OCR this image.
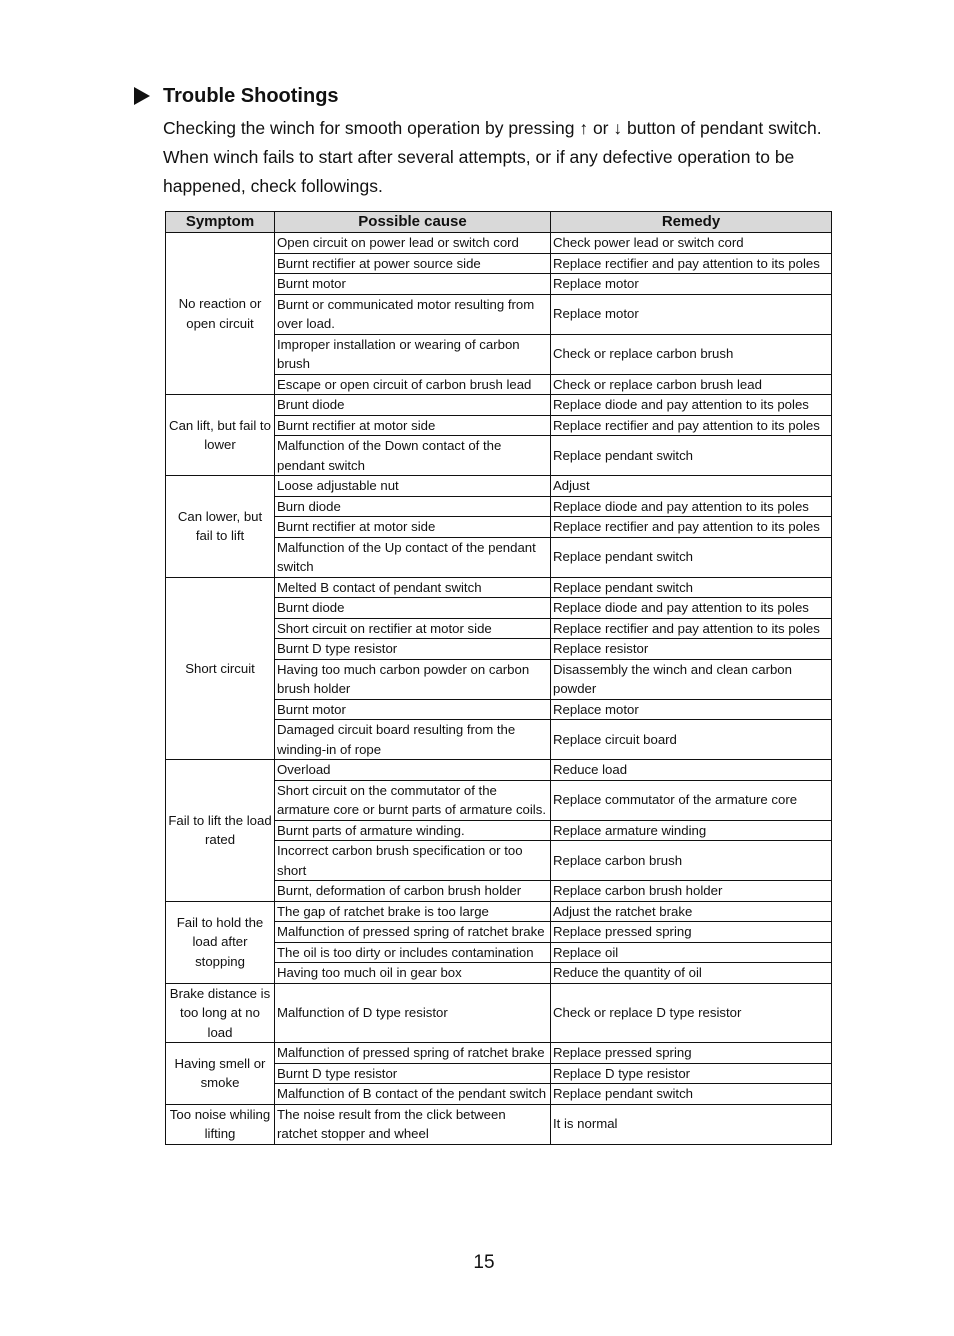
Trouble Shootings

Checking the winch for smooth operation by pressing ↑ or ↓ button of pendant switch.

When winch fails to start after several attempts, or if any defective operation to be happened, check followings.

Symptom	Possible cause	Remedy
No reaction or open circuit	Open circuit on power lead or switch cord	Check power lead or switch cord
	Burnt rectifier at power source side	Replace rectifier and pay attention to its poles
	Burnt motor	Replace motor
	Burnt or communicated motor resulting from over load.	Replace motor
	Improper installation or wearing of carbon brush	Check or replace carbon brush
	Escape or open circuit of carbon brush lead	Check or replace carbon brush lead
Can lift, but fail to lower	Brunt diode	Replace diode and pay attention to its poles
	Burnt rectifier at motor side	Replace rectifier and pay attention to its poles
	Malfunction of the Down contact of the pendant switch	Replace pendant switch
Can lower, but fail to lift	Loose adjustable nut	Adjust
	Burn diode	Replace diode and pay attention to its poles
	Burnt rectifier at motor side	Replace rectifier and pay attention to its poles
	Malfunction of the Up contact of the pendant switch	Replace pendant switch
Short circuit	Melted B contact of pendant switch	Replace pendant switch
	Burnt diode	Replace diode and pay attention to its poles
	Short circuit on rectifier at motor side	Replace rectifier and pay attention to its poles
	Burnt D type resistor	Replace resistor
	Having too much carbon powder on carbon brush holder	Disassembly the winch and clean carbon powder
	Burnt motor	Replace motor
	Damaged circuit board resulting from the winding-in of rope	Replace circuit board
Fail to lift the load rated	Overload	Reduce load
	Short circuit on the commutator of the armature core or burnt parts of armature coils.	Replace commutator of the armature core
	Burnt parts of armature winding.	Replace armature winding
	Incorrect carbon brush specification or too short	Replace carbon brush
	Burnt, deformation of carbon brush holder	Replace carbon brush holder
Fail to hold the load after stopping	The gap of ratchet brake is too large	Adjust the ratchet brake
	Malfunction of pressed spring of ratchet brake	Replace pressed spring
	The oil is too dirty or includes contamination	Replace oil
	Having too much oil in gear box	Reduce the quantity of oil
Brake distance is too long at no load	Malfunction of D type resistor	Check or replace D type resistor
Having smell or smoke	Malfunction of pressed spring of ratchet brake	Replace pressed spring
	Burnt D type resistor	Replace D type resistor
	Malfunction of B contact of the pendant switch	Replace pendant switch
Too noise whiling lifting	The noise result from the click between ratchet stopper and wheel	It is normal
15
